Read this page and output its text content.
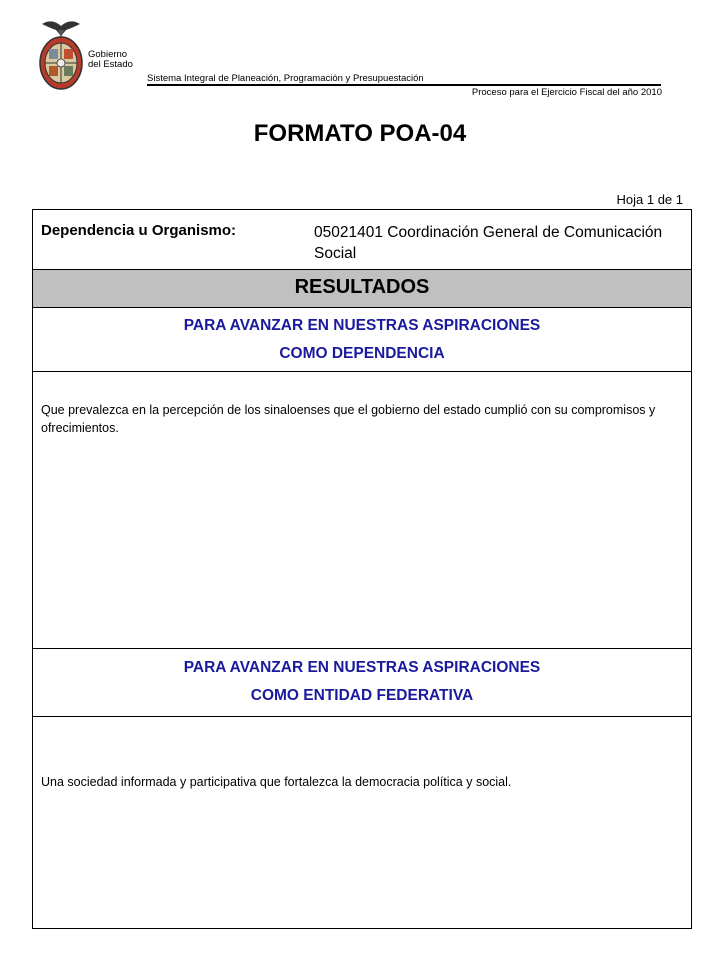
Gobierno
del Estado
Sistema Integral de Planeación, Programación y Presupuestación
Proceso para el Ejercicio Fiscal del año 2010
FORMATO POA-04
Hoja 1 de 1
Dependencia u Organismo:	05021401 Coordinación General de Comunicación Social
RESULTADOS
PARA AVANZAR EN NUESTRAS ASPIRACIONES
COMO DEPENDENCIA
Que prevalezca en la percepción de los sinaloenses que el gobierno del estado cumplió con su compromisos y ofrecimientos.
PARA AVANZAR EN NUESTRAS ASPIRACIONES
COMO ENTIDAD FEDERATIVA
Una sociedad informada y participativa que fortalezca la democracia política y social.
